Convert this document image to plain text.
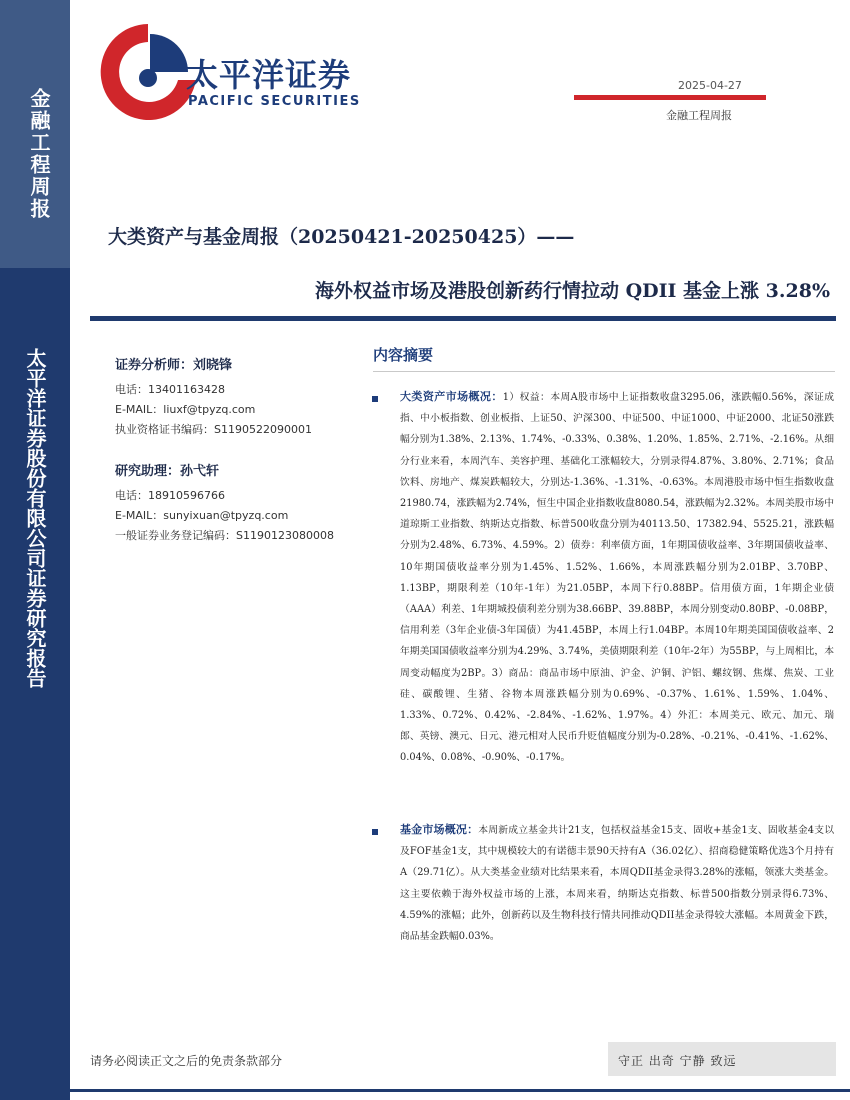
金融工程周报
太平洋证券股份有限公司证券研究报告
太平洋证券
PACIFIC SECURITIES
2025-04-27
金融工程周报
大类资产与基金周报（20250421-20250425）——
海外权益市场及港股创新药行情拉动 QDII 基金上涨 3.28%
证券分析师：刘晓锋
电话：13401163428
E-MAIL：liuxf@tpyzq.com
执业资格证书编码：S1190522090001
研究助理：孙弋轩
电话：18910596766
E-MAIL：sunyixuan@tpyzq.com
一般证券业务登记编码：S1190123080008
内容摘要
大类资产市场概况：1）权益：本周A股市场中上证指数收盘3295.06，涨跌幅0.56%，深证成指、中小板指数、创业板指、上证50、沪深300、中证500、中证1000、中证2000、北证50涨跌幅分别为1.38%、2.13%、1.74%、-0.33%、0.38%、1.20%、1.85%、2.71%、-2.16%。从细分行业来看，本周汽车、美容护理、基础化工涨幅较大，分别录得4.87%、3.80%、2.71%；食品饮料、房地产、煤炭跌幅较大，分别达-1.36%、-1.31%、-0.63%。本周港股市场中恒生指数收盘21980.74，涨跌幅为2.74%，恒生中国企业指数收盘8080.54，涨跌幅为2.32%。本周美股市场中道琼斯工业指数、纳斯达克指数、标普500收盘分别为40113.50、17382.94、5525.21，涨跌幅分别为2.48%、6.73%、4.59%。2）债券：利率债方面，1年期国债收益率、3年期国债收益率、10年期国债收益率分别为1.45%、1.52%、1.66%，本周涨跌幅分别为2.01BP、3.70BP、1.13BP，期限利差（10年-1年）为21.05BP，本周下行0.88BP。信用债方面，1年期企业债（AAA）利差、1年期城投债利差分别为38.66BP、39.88BP，本周分别变动0.80BP、-0.08BP，信用利差（3年企业债-3年国债）为41.45BP，本周上行1.04BP。本周10年期美国国债收益率、2年期美国国债收益率分别为4.29%、3.74%，美债期限利差（10年-2年）为55BP，与上周相比，本周变动幅度为2BP。3）商品：商品市场中原油、沪金、沪铜、沪铝、螺纹钢、焦煤、焦炭、工业硅、碳酸锂、生猪、谷物本周涨跌幅分别为0.69%、-0.37%、1.61%、1.59%、1.04%、1.33%、0.72%、0.42%、-2.84%、-1.62%、1.97%。4）外汇：本周美元、欧元、加元、瑞郎、英镑、澳元、日元、港元相对人民币升贬值幅度分别为-0.28%、-0.21%、-0.41%、-1.62%、0.04%、0.08%、-0.90%、-0.17%。
基金市场概况：本周新成立基金共计21支，包括权益基金15支、固收+基金1支、固收基金4支以及FOF基金1支，其中规模较大的有诺德丰景90天持有A（36.02亿）、招商稳健策略优选3个月持有A（29.71亿）。从大类基金业绩对比结果来看，本周QDII基金录得3.28%的涨幅，领涨大类基金。这主要依赖于海外权益市场的上涨，本周来看，纳斯达克指数、标普500指数分别录得6.73%、4.59%的涨幅；此外，创新药以及生物科技行情共同推动QDII基金录得较大涨幅。本周黄金下跌，商品基金跌幅0.03%。
请务必阅读正文之后的免责条款部分	守正 出奇 宁静 致远
